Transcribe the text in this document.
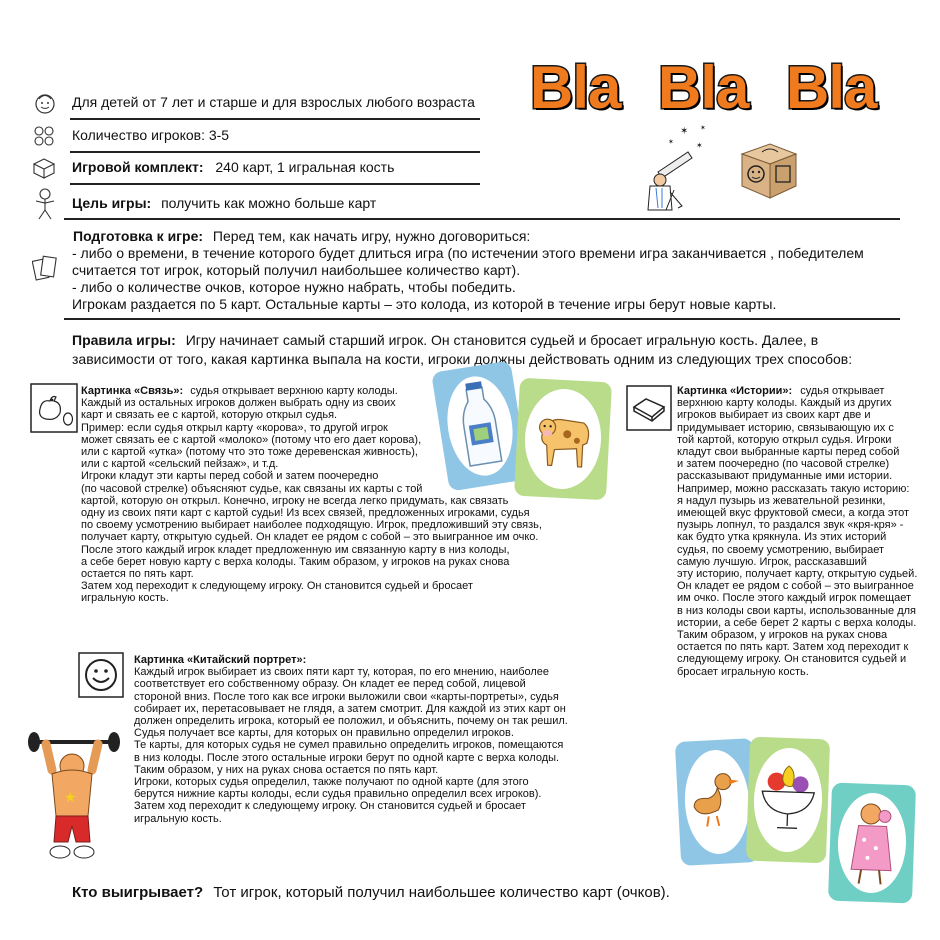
Bla Bla Bla
✶
✶
✶
✶
Для детей от 7 лет и старше и для взрослых любого возраста
Количество игроков: 3-5
Игровой комплект: 240 карт, 1 игральная кость
Цель игры: получить как можно больше карт

Подготовка к игре: Перед тем, как начать игру, нужно договориться:

- либо о времени, в течение которого будет длиться игра (по истечении этого времени игра заканчивается , победителем

считается тот игрок, который получил наибольшее количество карт).

- либо о количестве очков, которое нужно набрать, чтобы победить.

Игрокам раздается по 5 карт. Остальные карты – это колода, из которой в течение игры берут новые карты.

Правила игры: Игру начинает самый старший игрок. Он становится судьей и бросает игральную кость. Далее, в

зависимости от того, какая картинка выпала на кости, игроки должны действовать одним из следующих трех способов:

Картинка «Связь»: судья открывает верхнюю карту колоды.

Каждый из остальных игроков должен выбрать одну из своих

карт и связать ее с картой, которую открыл судья.

Пример: если судья открыл карту «корова», то другой игрок

может связать ее с картой «молоко» (потому что его дает корова),

или с картой «утка» (потому что это тоже деревенская живность),

или с картой «сельский пейзаж», и т.д.

Игроки кладут эти карты перед собой и затем поочередно

(по часовой стрелке) объясняют судье, как связаны их карты с той

картой, которую он открыл. Конечно, игроку не всегда легко придумать, как связать

одну из своих пяти карт с картой судьи! Из всех связей, предложенных игроками, судья

по своему усмотрению выбирает наиболее подходящую. Игрок, предложивший эту связь,

получает карту, открытую судьей. Он кладет ее рядом с собой – это выигранное им очко.

После этого каждый игрок кладет предложенную им связанную карту в низ колоды,

а себе берет новую карту с верха колоды. Таким образом, у игроков на руках снова

остается по пять карт.

Затем ход переходит к следующему игроку. Он становится судьей и бросает

игральную кость.

Картинка «Китайский портрет»:

Каждый игрок выбирает из своих пяти карт ту, которая, по его мнению, наиболее

соответствует его собственному образу. Он кладет ее перед собой, лицевой

стороной вниз. После того как все игроки выложили свои «карты-портреты», судья

собирает их, перетасовывает не глядя, а затем смотрит. Для каждой из этих карт он

должен определить игрока, который ее положил, и объяснить, почему он так решил.

Судья получает все карты, для которых он правильно определил игроков.

Те карты, для которых судья не сумел правильно определить игроков, помещаются

в низ колоды. После этого остальные игроки берут по одной карте с верха колоды.

Таким образом, у них на руках снова остается по пять карт.

Игроки, которых судья определил, также получают по одной карте (для этого

берутся нижние карты колоды, если судья правильно определил всех игроков).

Затем ход переходит к следующему игроку. Он становится судьей и бросает

игральную кость.

★

Картинка «Истории»: судья открывает

верхнюю карту колоды. Каждый из других

игроков выбирает из своих карт две и

придумывает историю, связывающую их с

той картой, которую открыл судья. Игроки

кладут свои выбранные карты перед собой

и затем поочередно (по часовой стрелке)

рассказывают придуманные ими истории.

Например, можно рассказать такую историю:

я надул пузырь из жевательной резинки,

имеющей вкус фруктовой смеси, а когда этот

пузырь лопнул, то раздался звук «кря-кря» -

как будто утка крякнула. Из этих историй

судья, по своему усмотрению, выбирает

самую лучшую. Игрок, рассказавший

эту историю, получает карту, открытую судьей.

Он кладет ее рядом с собой – это выигранное

им очко. После этого каждый игрок помещает

в низ колоды свои карты, использованные для

истории, а себе берет 2 карты с верха колоды.

Таким образом, у игроков на руках снова

остается по пять карт. Затем ход переходит к

следующему игроку. Он становится судьей и

бросает игральную кость.

Кто выигрывает? Тот игрок, который получил наибольшее количество карт (очков).
